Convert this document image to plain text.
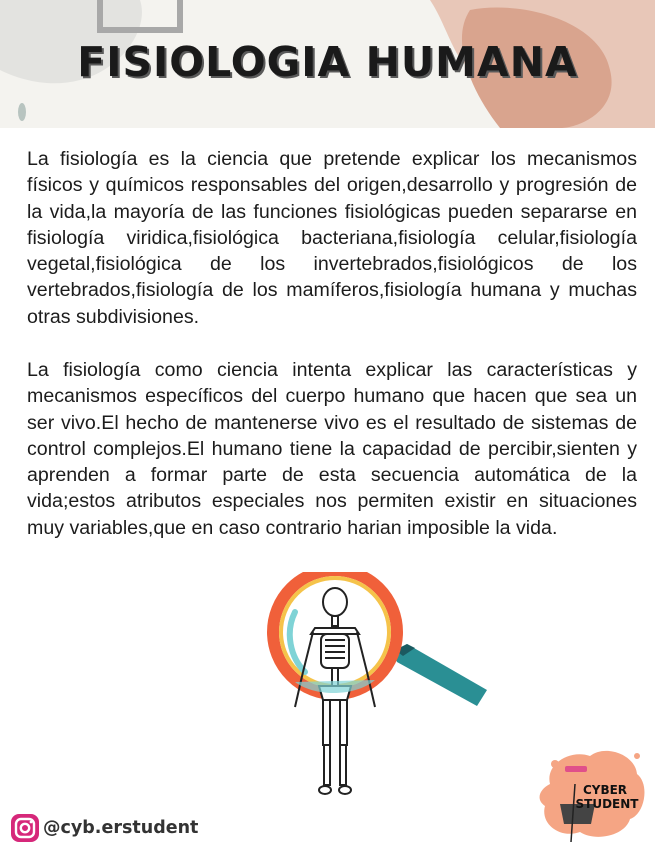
FISIOLOGIA HUMANA

La fisiología es la ciencia que pretende explicar los mecanismos físicos y químicos responsables del origen,desarrollo y progresión de la vida,la mayoría de las funciones fisiológicas pueden separarse en fisiología viridica,fisiológica bacteriana,fisiología celular,fisiología vegetal,fisiológica de los invertebrados,fisiológicos de los vertebrados,fisiología de los mamíferos,fisiología humana y muchas otras subdivisiones.

La fisiología como ciencia intenta explicar las características y mecanismos específicos del cuerpo humano que hacen que sea un ser vivo.El hecho de mantenerse vivo es el resultado de sistemas de control complejos.El humano tiene la capacidad de percibir,sienten y aprenden a formar parte de esta secuencia automática de la vida;estos atributos especiales nos permiten existir en situaciones muy variables,que en caso contrario harian imposible la vida.

@cyb.erstudent
CYBER
STUDENT
